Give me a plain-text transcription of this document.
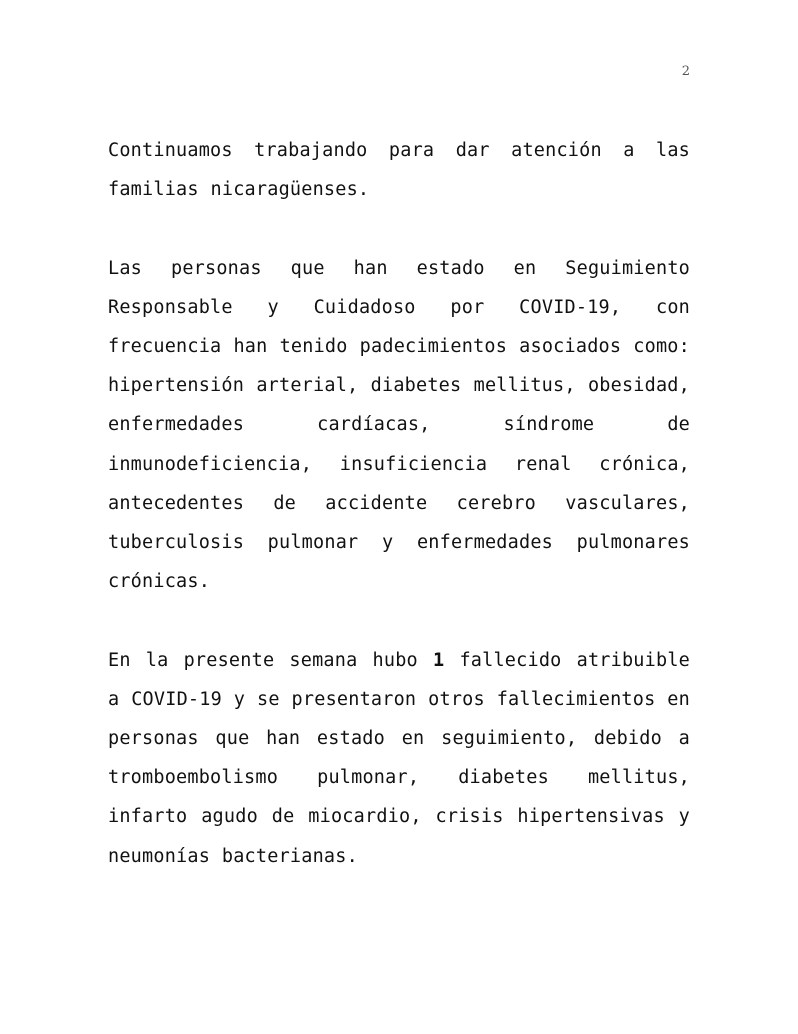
2

Continuamos trabajando para dar atención a las familias nicaragüenses.

Las personas que han estado en Seguimiento Responsable y Cuidadoso por COVID-19, con frecuencia han tenido padecimientos asociados como: hipertensión arterial, diabetes mellitus, obesidad, enfermedades cardíacas, síndrome de inmunodeficiencia, insuficiencia renal crónica, antecedentes de accidente cerebro vasculares, tuberculosis pulmonar y enfermedades pulmonares crónicas.

En la presente semana hubo 1 fallecido atribuible a COVID-19 y se presentaron otros fallecimientos en personas que han estado en seguimiento, debido a tromboembolismo pulmonar, diabetes mellitus, infarto agudo de miocardio, crisis hipertensivas y neumonías bacterianas.
